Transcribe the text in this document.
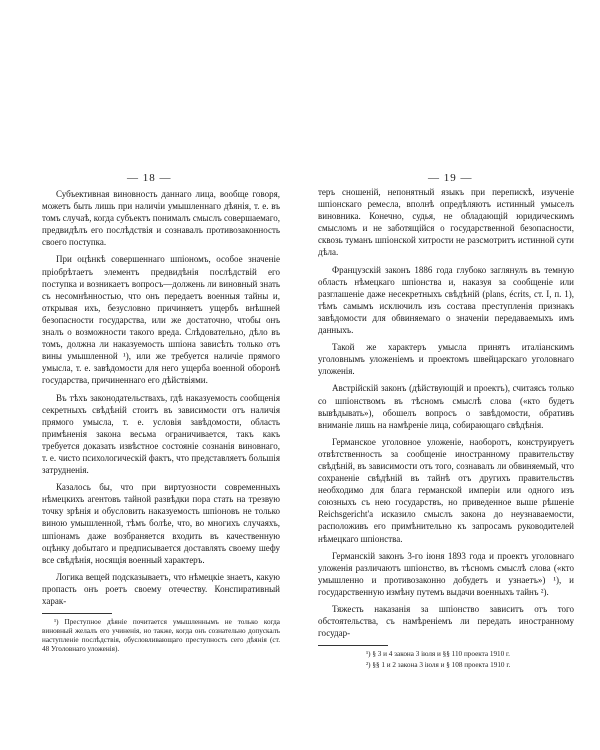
— 18 —

Субъективная виновность даннаго лица, вообще говоря, можетъ быть лишь при наличіи умышленнаго дѣянія, т. е. въ томъ случаѣ, когда субъектъ понималъ смыслъ совершаемаго, предвидѣлъ его послѣдствія и сознавалъ противозаконность своего поступка.

При оцѣнкѣ совершеннаго шпіономъ, особое значеніе пріобрѣтаетъ элементъ предвидѣнія послѣдствій его поступка и возникаетъ вопросъ—должень ли виновный знать съ несомнѣнностью, что онъ передаетъ военныя тайны и, открывая ихъ, безусловно причиняетъ ущербъ внѣшней безопасности государства, или же достаточно, чтобы онъ зналъ о возможности такого вреда. Слѣдовательно, дѣло въ томъ, должна ли наказуемость шпіона зависѣть только отъ вины умышленной ¹), или же требуется наличіе прямого умысла, т. е. завѣдомости для него ущерба военной оборонѣ государства, причиненнаго его дѣйствіями.

Въ тѣхъ законодательствахъ, гдѣ наказуемость сообщенія секретныхъ свѣдѣній стоитъ въ зависимости отъ наличія прямого умысла, т. е. условія завѣдомости, область примѣненія закона весьма ограничивается, такъ какъ требуется доказать извѣстное состояніе сознанія виновнаго, т. е. чисто психологическій фактъ, что представляетъ большія затрудненія.

Казалось бы, что при виртуозности современныхъ нѣмецкихъ агентовъ тайной развѣдки пора стать на трезвую точку зрѣнія и обусловить наказуемость шпіоновъ не только виною умышленной, тѣмъ болѣе, что, во многихъ случаяхъ, шпіонамъ даже возбраняется входить въ качественную оцѣнку добытаго и предписывается доставлять своему шефу все свѣдѣнія, носящія военный характеръ.

Логика вещей подсказываетъ, что нѣмецкіе знаетъ, какую пропасть онъ роетъ своему отечеству. Конспиративный харак-

¹) Преступное дѣяніе почитается умышленнымъ не только когда виновный желалъ его учиненія, но также, когда онъ сознательно допускалъ наступленіе послѣдствія, обусловливающаго преступность сего дѣянія (ст. 48 Уголовнаго уложенія).

— 19 —

теръ сношеній, непонятный языкъ при перепискѣ, изученіе шпіонскаго ремесла, вполнѣ опредѣляютъ истинный умыселъ виновника. Конечно, судья, не обладающій юридическимъ смысломъ и не заботящійся о государственной безопасности, сквозь туманъ шпіонской хитрости не разсмотритъ истинной сути дѣла.

Французскій законъ 1886 года глубоко заглянулъ въ темную область нѣмецкаго шпіонства и, наказуя за сообщеніе или разглашеніе даже несекретныхъ свѣдѣній (plans, écrits, ст. I, п. 1), тѣмъ самымъ исключилъ изъ состава преступленія признакъ завѣдомости для обвиняемаго о значеніи передаваемыхъ имъ данныхъ.

Такой же характеръ умысла принятъ италіанскимъ уголовнымъ уложеніемъ и проектомъ швейцарскаго уголовнаго уложенія.

Австрійскій законъ (дѣйствующій и проектъ), считаясь только со шпіонствомъ въ тѣсномъ смыслѣ слова («кто будетъ вывѣдывать»), обошелъ вопросъ о завѣдомости, обративъ вниманіе лишь на намѣреніе лица, собирающаго свѣдѣнія.

Германское уголовное уложеніе, наоборотъ, конструируетъ отвѣтственность за сообщеніе иностранному правительству свѣдѣній, въ зависимости отъ того, сознавалъ ли обвиняемый, что сохраненіе свѣдѣній въ тайнѣ отъ другихъ правительствъ необходимо для блага германской имперіи или одного изъ союзныхъ съ нею государствъ, но приведенное выше рѣшеніе Reichsgericht'а исказило смыслъ закона до неузнаваемости, расположивъ его примѣнительно къ запросамъ руководителей нѣмецкаго шпіонства.

Германскій законъ 3-го іюня 1893 года и проектъ уголовнаго уложенія различаютъ шпіонство, въ тѣсномъ смыслѣ слова («кто умышленно и противозаконно добудетъ и узнаетъ») ¹), и государственную измѣну путемъ выдачи военныхъ тайнъ ²).

Тяжесть наказанія за шпіонство зависитъ отъ того обстоятельства, съ намѣреніемъ ли передать иностранному государ-

¹) § 3 и 4 закона 3 іюля и §§ 110 проекта 1910 г.

²) §§ 1 и 2 закона 3 іюля и § 108 проекта 1910 г.
